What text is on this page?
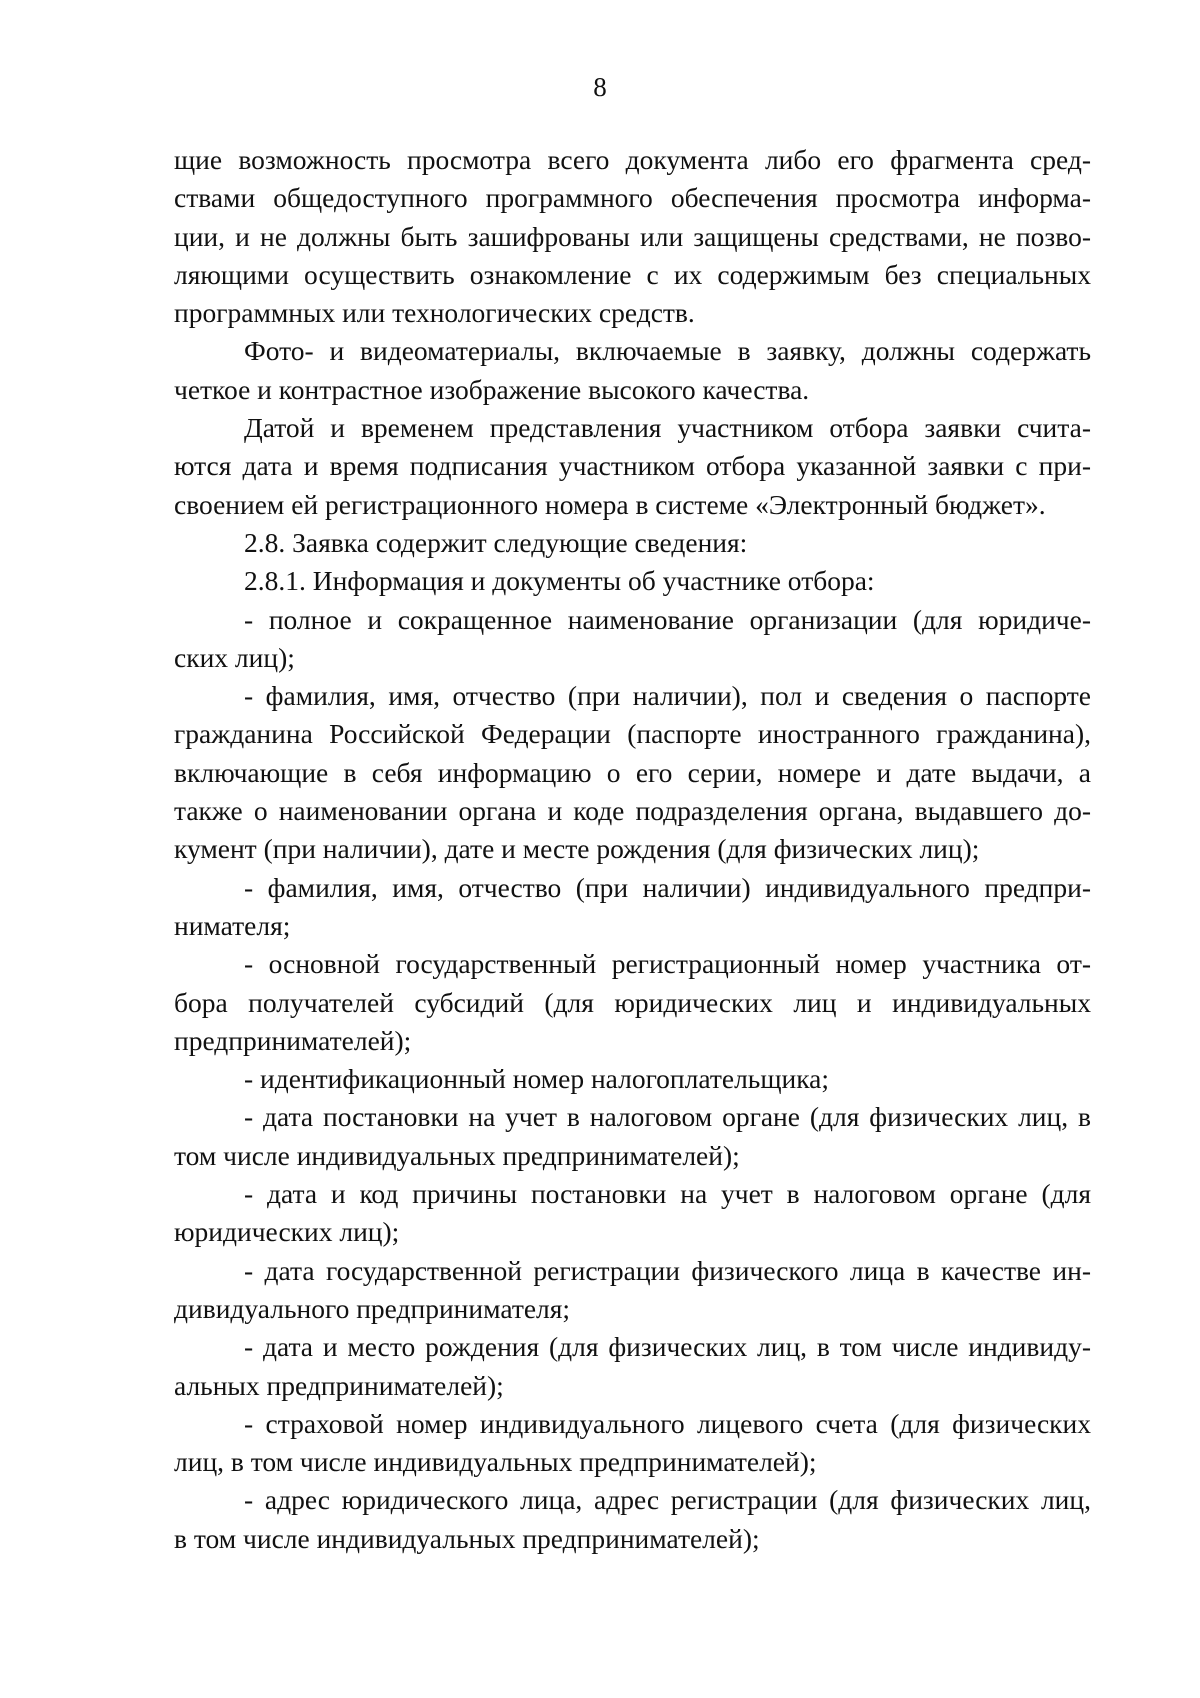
8

щие возможность просмотра всего документа либо его фрагмента сред-
ствами общедоступного программного обеспечения просмотра информа-
ции, и не должны быть зашифрованы или защищены средствами, не позво-
ляющими осуществить ознакомление с их содержимым без специальных
программных или технологических средств.

Фото- и видеоматериалы, включаемые в заявку, должны содержать
четкое и контрастное изображение высокого качества.

Датой и временем представления участником отбора заявки счита-
ются дата и время подписания участником отбора указанной заявки с при-
своением ей регистрационного номера в системе «Электронный бюджет».

2.8. Заявка содержит следующие сведения:

2.8.1. Информация и документы об участнике отбора:

- полное и сокращенное наименование организации (для юридиче-
ских лиц);

- фамилия, имя, отчество (при наличии), пол и сведения о паспорте
гражданина Российской Федерации (паспорте иностранного гражданина),
включающие в себя информацию о его серии, номере и дате выдачи, а
также о наименовании органа и коде подразделения органа, выдавшего до-
кумент (при наличии), дате и месте рождения (для физических лиц);

- фамилия, имя, отчество (при наличии) индивидуального предпри-
нимателя;

- основной государственный регистрационный номер участника от-
бора получателей субсидий (для юридических лиц и индивидуальных
предпринимателей);

- идентификационный номер налогоплательщика;

- дата постановки на учет в налоговом органе (для физических лиц, в
том числе индивидуальных предпринимателей);

- дата и код причины постановки на учет в налоговом органе (для
юридических лиц);

- дата государственной регистрации физического лица в качестве ин-
дивидуального предпринимателя;

- дата и место рождения (для физических лиц, в том числе индивиду-
альных предпринимателей);

- страховой номер индивидуального лицевого счета (для физических
лиц, в том числе индивидуальных предпринимателей);

- адрес юридического лица, адрес регистрации (для физических лиц,
в том числе индивидуальных предпринимателей);
